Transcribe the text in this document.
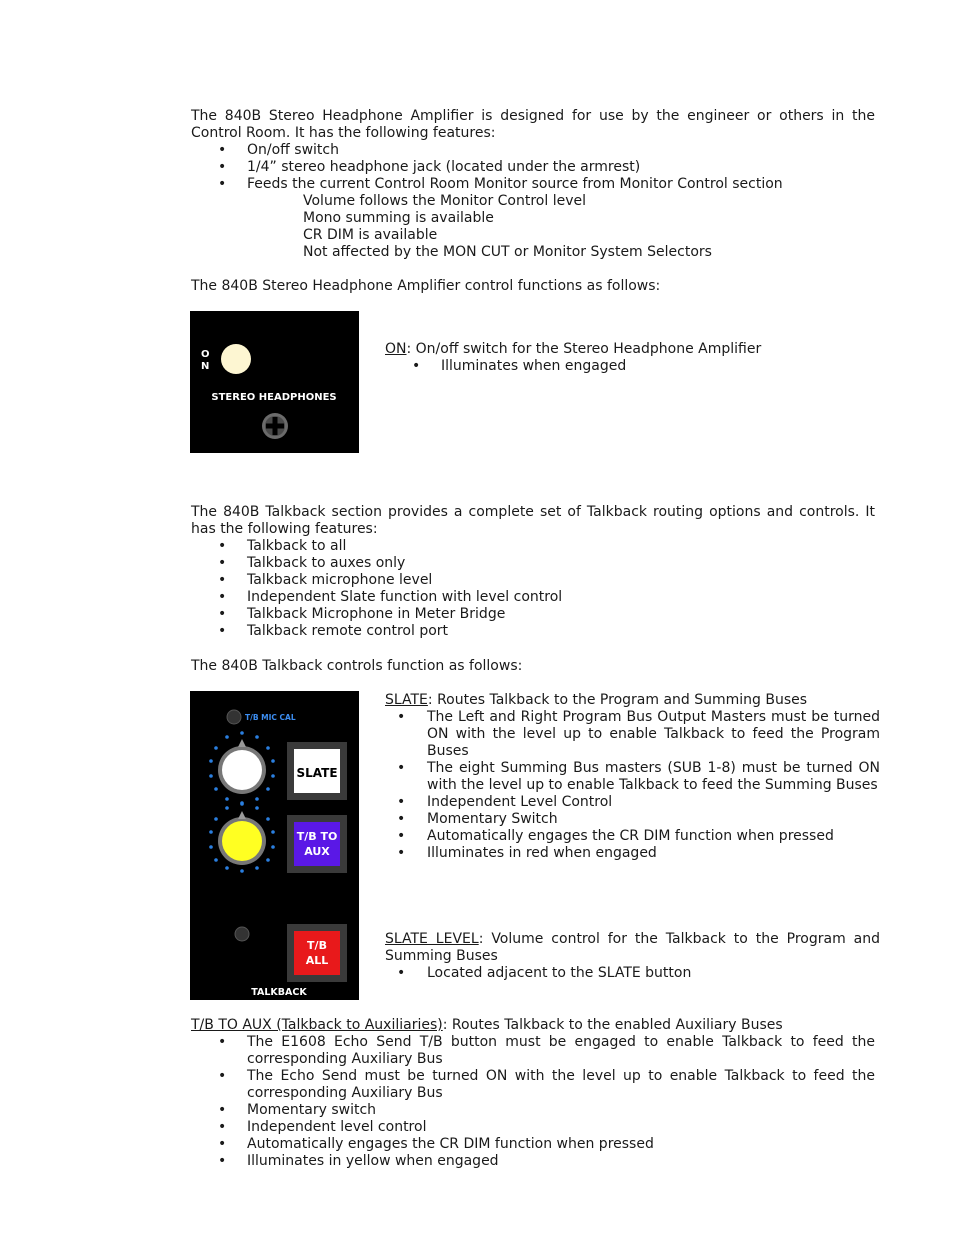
The 840B Stereo Headphone Amplifier is designed for use by the engineer or others in the Control Room. It has the following features:

• On/off switch
• 1/4” stereo headphone jack (located under the armrest)
• Feeds the current Control Room Monitor source from Monitor Control section
Volume follows the Monitor Control level
Mono summing is available
CR DIM is available
Not affected by the MON CUT or Monitor System Selectors

The 840B Stereo Headphone Amplifier control functions as follows:

O
N
STEREO HEADPHONES

ON: On/off switch for the Stereo Headphone Amplifier

• Illuminates when engaged

The 840B Talkback section provides a complete set of Talkback routing options and controls. It has the following features:

• Talkback to all
• Talkback to auxes only
• Talkback microphone level
• Independent Slate function with level control
• Talkback Microphone in Meter Bridge
• Talkback remote control port

The 840B Talkback controls function as follows:

T/B MIC CAL
SLATE
T/B TO
AUX
T/B
ALL
TALKBACK

SLATE: Routes Talkback to the Program and Summing Buses

• The Left and Right Program Bus Output Masters must be turned ON with the level up to enable Talkback to feed the Program Buses
• The eight Summing Bus masters (SUB 1-8) must be turned ON with the level up to enable Talkback to feed the Summing Buses
• Independent Level Control
• Momentary Switch
• Automatically engages the CR DIM function when pressed
• Illuminates in red when engaged

SLATE LEVEL: Volume control for the Talkback to the Program and Summing Buses

• Located adjacent to the SLATE button

T/B TO AUX (Talkback to Auxiliaries): Routes Talkback to the enabled Auxiliary Buses

• The E1608 Echo Send T/B button must be engaged to enable Talkback to feed the corresponding Auxiliary Bus
• The Echo Send must be turned ON with the level up to enable Talkback to feed the corresponding Auxiliary Bus
• Momentary switch
• Independent level control
• Automatically engages the CR DIM function when pressed
• Illuminates in yellow when engaged
